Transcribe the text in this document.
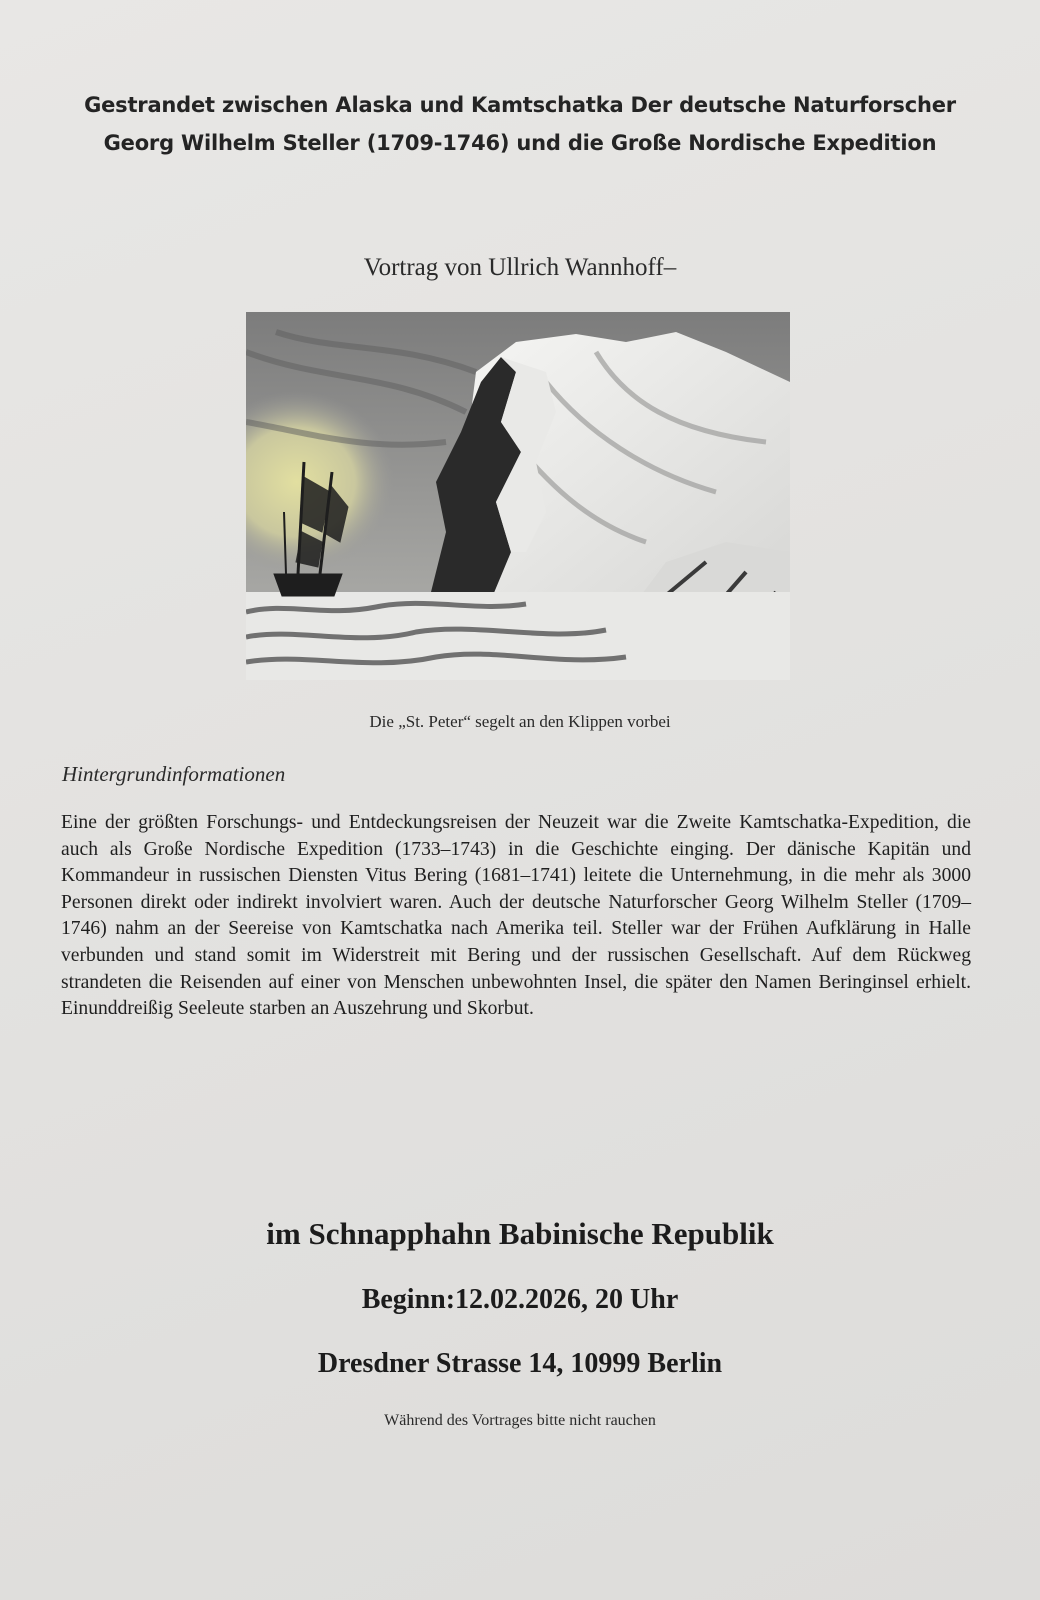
Gestrandet zwischen Alaska und Kamtschatka Der deutsche Naturforscher
Georg Wilhelm Steller (1709-1746) und die Große Nordische Expedition
Vortrag von Ullrich Wannhoff–
Die „St. Peter“ segelt an den Klippen vorbei
Hintergrundinformationen

Eine der größten Forschungs- und Entdeckungsreisen der Neuzeit war die Zweite Kamtschatka-Expedition, die auch als Große Nordische Expedition (1733–1743) in die Geschichte einging. Der dänische Kapitän und Kommandeur in russischen Diensten Vitus Bering (1681–1741) leitete die Unternehmung, in die mehr als 3000 Personen direkt oder indirekt involviert waren. Auch der deutsche Naturforscher Georg Wilhelm Steller (1709–1746) nahm an der Seereise von Kamtschatka nach Amerika teil. Steller war der Frühen Aufklärung in Halle verbunden und stand somit im Widerstreit mit Bering und der russischen Gesellschaft. Auf dem Rückweg strandeten die Reisenden auf einer von Menschen unbewohnten Insel, die später den Namen Beringinsel erhielt. Einunddreißig Seeleute starben an Auszehrung und Skorbut.

im Schnapphahn Babinische Republik
Beginn:12.02.2026, 20 Uhr
Dresdner Strasse 14, 10999 Berlin
Während des Vortrages bitte nicht rauchen
